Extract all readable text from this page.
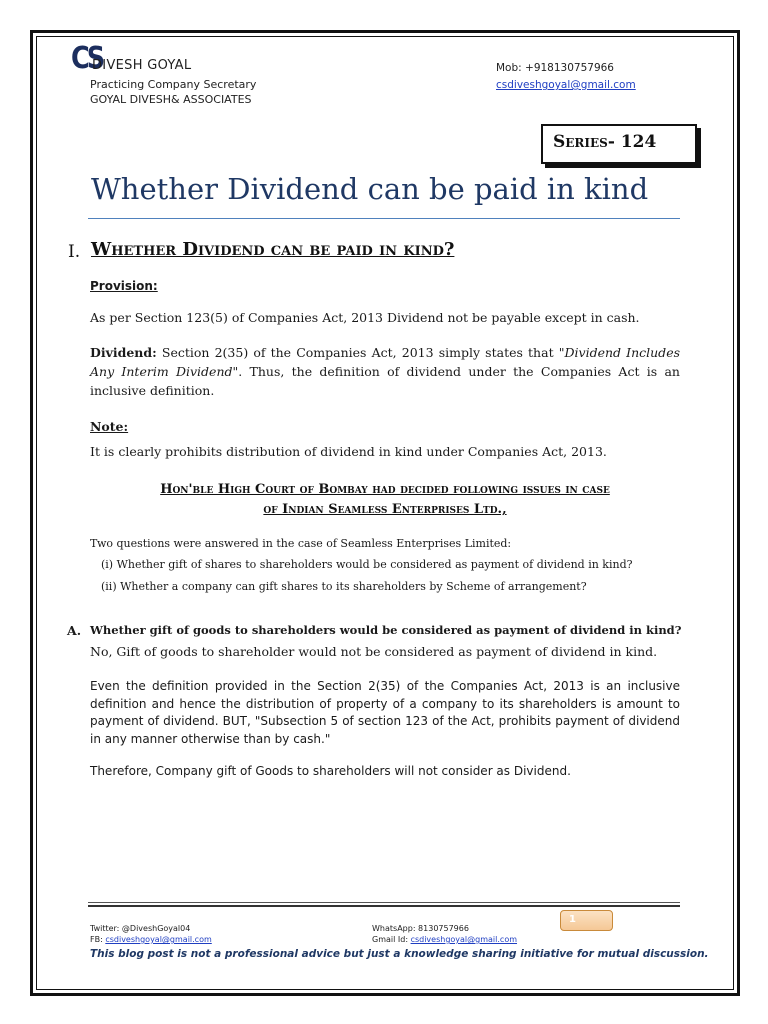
CS
DIVESH GOYAL
Practicing Company Secretary
GOYAL DIVESH& ASSOCIATES
Mob: +918130757966
csdiveshgoyal@gmail.com
Series- 124
Whether Dividend can be paid in kind
I. Whether Dividend can be paid in kind?
Provision:
As per Section 123(5) of Companies Act, 2013 Dividend not be payable except in cash.
Dividend: Section 2(35) of the Companies Act, 2013 simply states that "Dividend Includes Any Interim Dividend". Thus, the definition of dividend under the Companies Act is an inclusive definition.
Note:
It is clearly prohibits distribution of dividend in kind under Companies Act, 2013.
Hon'ble High Court of Bombay had decided following issues in case
of Indian Seamless Enterprises Ltd.,
Two questions were answered in the case of Seamless Enterprises Limited:
(i) Whether gift of shares to shareholders would be considered as payment of dividend in kind?
(ii) Whether a company can gift shares to its shareholders by Scheme of arrangement?
A. Whether gift of goods to shareholders would be considered as payment of dividend in kind?
No, Gift of goods to shareholder would not be considered as payment of dividend in kind.
Even the definition provided in the Section 2(35) of the Companies Act, 2013 is an inclusive definition and hence the distribution of property of a company to its shareholders is amount to payment of dividend. BUT, "Subsection 5 of section 123 of the Act, prohibits payment of dividend in any manner otherwise than by cash."
Therefore, Company gift of Goods to shareholders will not consider as Dividend.
Twitter: @DiveshGoyal04
FB: csdiveshgoyal@gmail.com
WhatsApp: 8130757966
Gmail Id: csdiveshgoyal@gmail.com
1
This blog post is not a professional advice but just a knowledge sharing initiative for mutual discussion.
